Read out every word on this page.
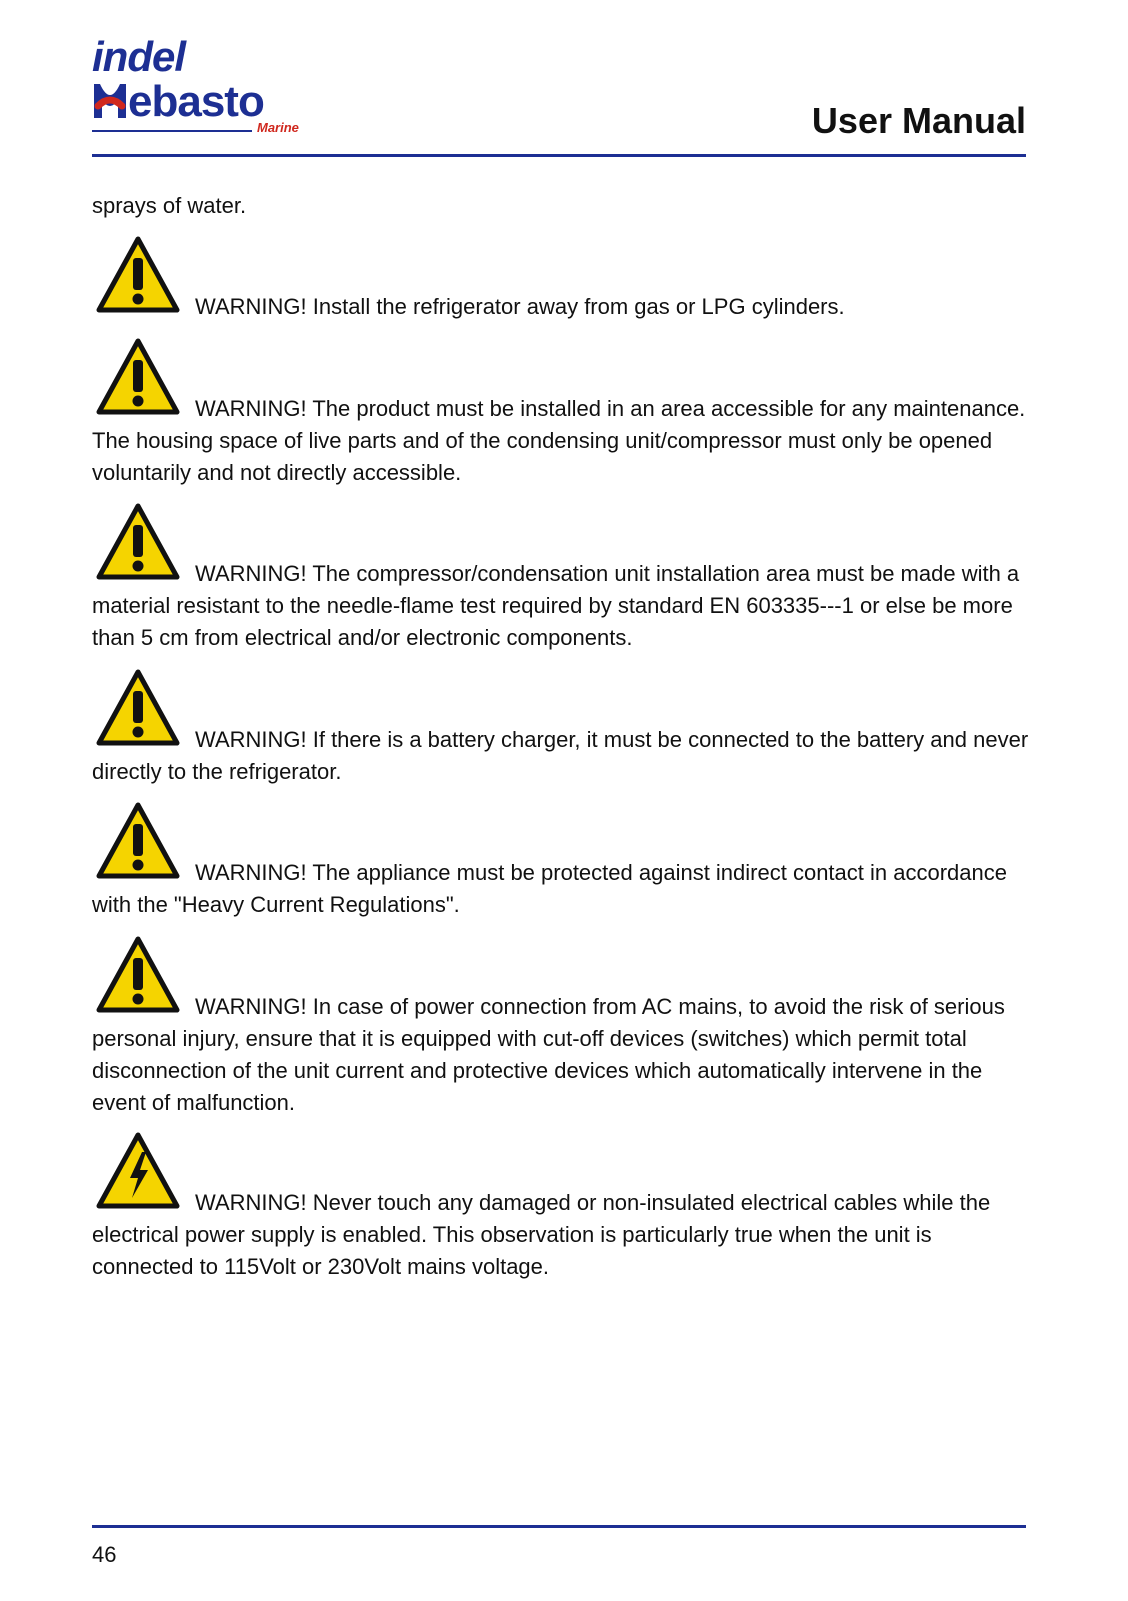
indel
ebasto
Marine	User Manual
sprays of water.
WARNING! Install the refrigerator away from gas or LPG cylinders.
WARNING! The product must be installed in an area accessible for any maintenance. The housing space of live parts and of the condensing unit/compressor must only be opened voluntarily and not directly accessible.
WARNING! The compressor/condensation unit installation area must be made with a material resistant to the needle-flame test required by standard EN 603335---1 or else be more than 5 cm from electrical and/or electronic components.
WARNING! If there is a battery charger, it must be connected to the battery and never directly to the refrigerator.
WARNING! The appliance must be protected against indirect contact in accordance with the "Heavy Current Regulations".
WARNING! In case of power connection from AC mains, to avoid the risk of serious personal injury, ensure that it is equipped with cut-off devices (switches) which permit total disconnection of the unit current and protective devices which automatically intervene in the event of malfunction.
WARNING! Never touch any damaged or non-insulated electrical cables while the electrical power supply is enabled. This observation is particularly true when the unit is connected to 115Volt or 230Volt mains voltage.
46
